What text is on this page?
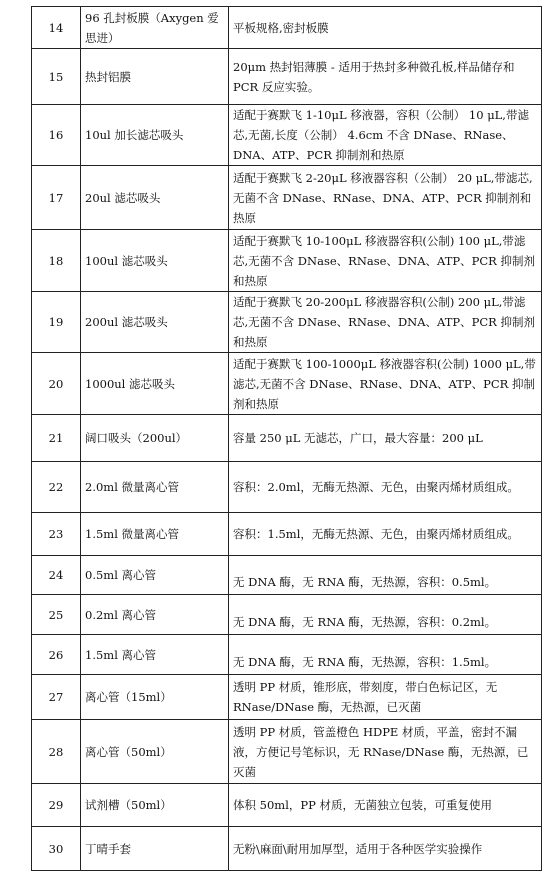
14	96 孔封板膜（Axygen 爱思进）	平板规格,密封板膜
15	热封铝膜	20μm 热封铝薄膜 - 适用于热封多种微孔板,样品储存和 PCR 反应实验。
16	10ul 加长滤芯吸头	适配于赛默飞 1-10μL 移液器，容积（公制） 10 μL,带滤芯,无菌,长度（公制） 4.6cm 不含 DNase、RNase、DNA、ATP、PCR 抑制剂和热原
17	20ul 滤芯吸头	适配于赛默飞 2-20μL 移液器容积（公制） 20 μL,带滤芯,无菌不含 DNase、RNase、DNA、ATP、PCR 抑制剂和热原
18	100ul 滤芯吸头	适配于赛默飞 10-100μL 移液器容积(公制) 100 μL,带滤芯,无菌不含 DNase、RNase、DNA、ATP、PCR 抑制剂和热原
19	200ul 滤芯吸头	适配于赛默飞 20-200μL 移液器容积(公制) 200 μL,带滤芯,无菌不含 DNase、RNase、DNA、ATP、PCR 抑制剂和热原
20	1000ul 滤芯吸头	适配于赛默飞 100-1000μL 移液器容积(公制) 1000 μL,带滤芯,无菌不含 DNase、RNase、DNA、ATP、PCR 抑制剂和热原
21	阔口吸头（200ul）	容量 250 μL 无滤芯，广口，最大容量：200 μL
22	2.0ml 微量离心管	容积：2.0ml，无酶无热源、无色，由聚丙烯材质组成。
23	1.5ml 微量离心管	容积：1.5ml，无酶无热源、无色，由聚丙烯材质组成。
24	0.5ml 离心管	无 DNA 酶，无 RNA 酶，无热源，容积：0.5ml。

25	0.2ml 离心管	无 DNA 酶，无 RNA 酶，无热源，容积：0.2ml。

26	1.5ml 离心管	无 DNA 酶，无 RNA 酶，无热源，容积：1.5ml。

27	离心管（15ml）	透明 PP 材质，锥形底，带刻度，带白色标记区，无 RNase/DNase 酶，无热源，已灭菌
28	离心管（50ml）	透明 PP 材质，管盖橙色 HDPE 材质，平盖，密封不漏液，方便记号笔标识，无 RNase/DNase 酶，无热源，已灭菌
29	试剂槽（50ml）	体积 50ml，PP 材质，无菌独立包装，可重复使用
30	丁晴手套	无粉\麻面\耐用加厚型，适用于各种医学实验操作
